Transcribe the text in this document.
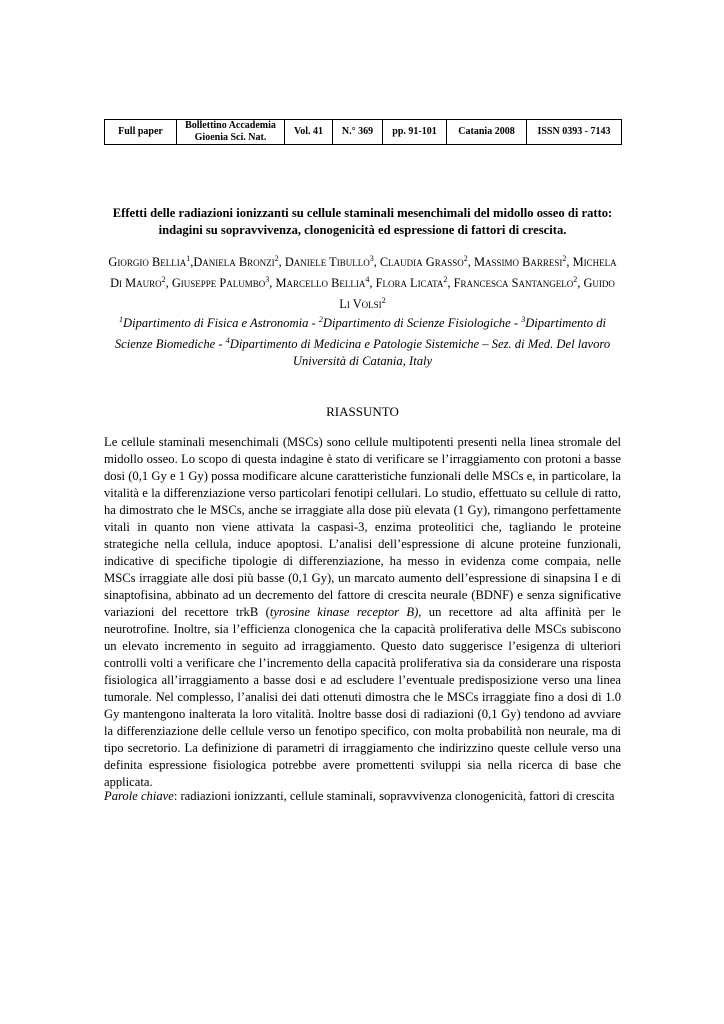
Full paper	Bollettino Accademia Gioenia Sci. Nat.	Vol. 41	N.° 369	pp. 91-101	Catania 2008	ISSN 0393 - 7143

Effetti delle radiazioni ionizzanti su cellule staminali mesenchimali del midollo osseo di ratto: indagini su sopravvivenza, clonogenicità ed espressione di fattori di crescita.

Giorgio Bellia$^1$,Daniela Bronzi$^2$, Daniele Tibullo$^3$, Claudia Grasso$^2$, Massimo Barresi$^2$, Michela Di Mauro$^2$, Giuseppe Palumbo$^3$, Marcello Bellia$^4$, Flora Licata$^2$, Francesca Santangelo$^2$, Guido Li Volsi$^2$

$^1$Dipartimento di Fisica e Astronomia - $^2$Dipartimento di Scienze Fisiologiche - $^3$Dipartimento di Scienze Biomediche - $^4$Dipartimento di Medicina e Patologie Sistemiche – Sez. di Med. Del lavoro
Università di Catania, Italy

RIASSUNTO

Le cellule staminali mesenchimali (MSCs) sono cellule multipotenti presenti nella linea stromale del midollo osseo. Lo scopo di questa indagine è stato di verificare se l’irraggiamento con protoni a basse dosi (0,1 Gy e 1 Gy) possa modificare alcune caratteristiche funzionali delle MSCs e, in particolare, la vitalità e la differenziazione verso particolari fenotipi cellulari. Lo studio, effettuato su cellule di ratto, ha dimostrato che le MSCs, anche se irraggiate alla dose più elevata (1 Gy), rimangono perfettamente vitali in quanto non viene attivata la caspasi-3, enzima proteolitici che, tagliando le proteine strategiche nella cellula, induce apoptosi. L’analisi dell’espressione di alcune proteine funzionali, indicative di specifiche tipologie di differenziazione, ha messo in evidenza come compaia, nelle MSCs irraggiate alle dosi più basse (0,1 Gy), un marcato aumento dell’espressione di sinapsina I e di sinaptofisina, abbinato ad un decremento del fattore di crescita neurale (BDNF) e senza significative variazioni del recettore trkB (tyrosine kinase receptor B), un recettore ad alta affinità per le neurotrofine. Inoltre, sia l’efficienza clonogenica che la capacità proliferativa delle MSCs subiscono un elevato incremento in seguito ad irraggiamento. Questo dato suggerisce l’esigenza di ulteriori controlli volti a verificare che l’incremento della capacità proliferativa sia da considerare una risposta fisiologica all’irraggiamento a basse dosi e ad escludere l’eventuale predisposizione verso una linea tumorale. Nel complesso, l’analisi dei dati ottenuti dimostra che le MSCs irraggiate fino a dosi di 1.0 Gy mantengono inalterata la loro vitalità. Inoltre basse dosi di radiazioni (0,1 Gy) tendono ad avviare la differenziazione delle cellule verso un fenotipo specifico, con molta probabilità non neurale, ma di tipo secretorio. La definizione di parametri di irraggiamento che indirizzino queste cellule verso una definita espressione fisiologica potrebbe avere promettenti sviluppi sia nella ricerca di base che applicata.

Parole chiave: radiazioni ionizzanti, cellule staminali, sopravvivenza clonogenicità, fattori di crescita
